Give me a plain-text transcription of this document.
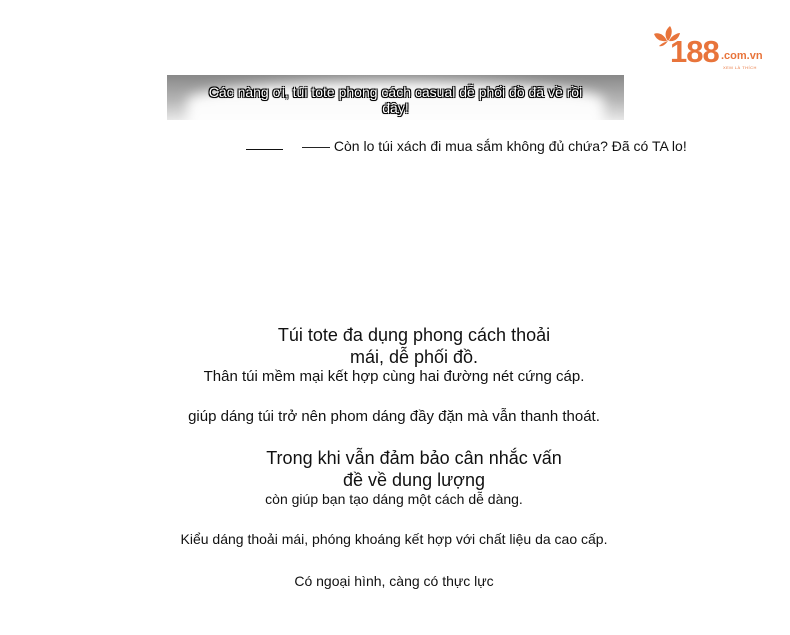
188 .com.vn
XEM LÀ THÍCH
Các nàng ơi, túi tote phong cách casual dễ phối đồ đã về rồi đây!
—— Còn lo túi xách đi mua sắm không đủ chứa? Đã có TA lo!
Túi tote đa dụng phong cách thoải
mái, dễ phối đồ.
Thân túi mềm mại kết hợp cùng hai đường nét cứng cáp.
giúp dáng túi trở nên phom dáng đầy đặn mà vẫn thanh thoát.
Trong khi vẫn đảm bảo cân nhắc vấn
đề về dung lượng
còn giúp bạn tạo dáng một cách dễ dàng.
Kiểu dáng thoải mái, phóng khoáng kết hợp với chất liệu da cao cấp.
Có ngoại hình, càng có thực lực
